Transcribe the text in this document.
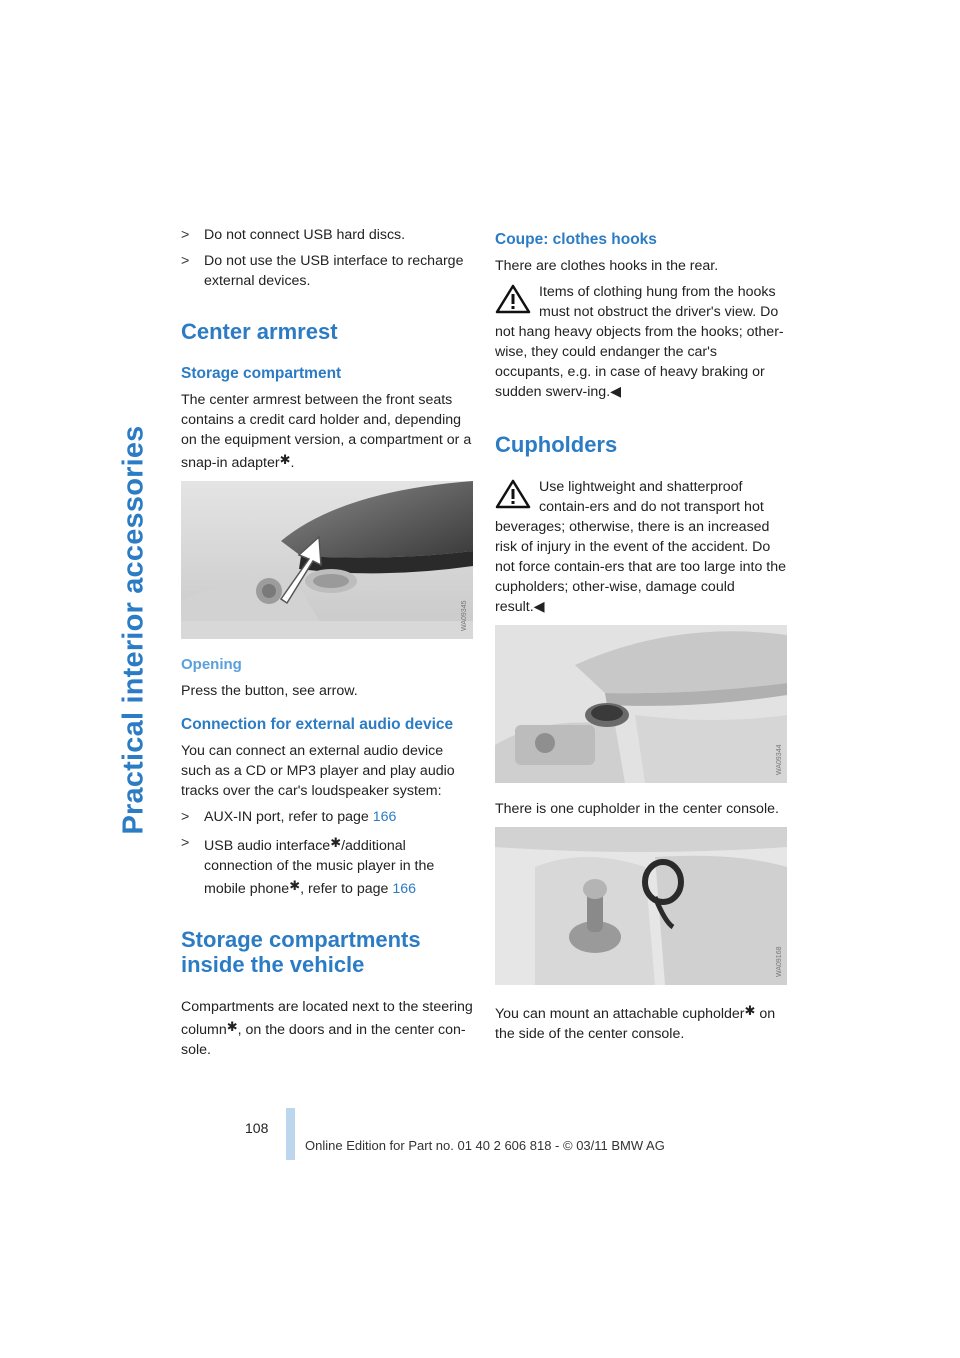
Practical interior accessories
> Do not connect USB hard discs.
> Do not use the USB interface to recharge external devices.
Center armrest
Storage compartment

The center armrest between the front seats contains a credit card holder and, depending on the equipment version, a compartment or a snap-in adapter✱.

WA09345
Opening

Press the button, see arrow.

Connection for external audio device

You can connect an external audio device such as a CD or MP3 player and play audio tracks over the car's loudspeaker system:

> AUX-IN port, refer to page 166
> USB audio interface✱/additional connection of the music player in the mobile phone✱, refer to page 166
Storage compartments inside the vehicle

Compartments are located next to the steering column✱, on the doors and in the center con-sole.

Coupe: clothes hooks

There are clothes hooks in the rear.

Items of clothing hung from the hooks must not obstruct the driver's view. Do not hang heavy objects from the hooks; other-wise, they could endanger the car's occupants, e.g. in case of heavy braking or sudden swerv-ing.◀
Cupholders
Use lightweight and shatterproof contain-ers and do not transport hot beverages; otherwise, there is an increased risk of injury in the event of the accident. Do not force contain-ers that are too large into the cupholders; other-wise, damage could result.◀
WA09344

There is one cupholder in the center console.

WA09168

You can mount an attachable cupholder✱ on the side of the center console.

108
Online Edition for Part no. 01 40 2 606 818 - © 03/11 BMW AG
